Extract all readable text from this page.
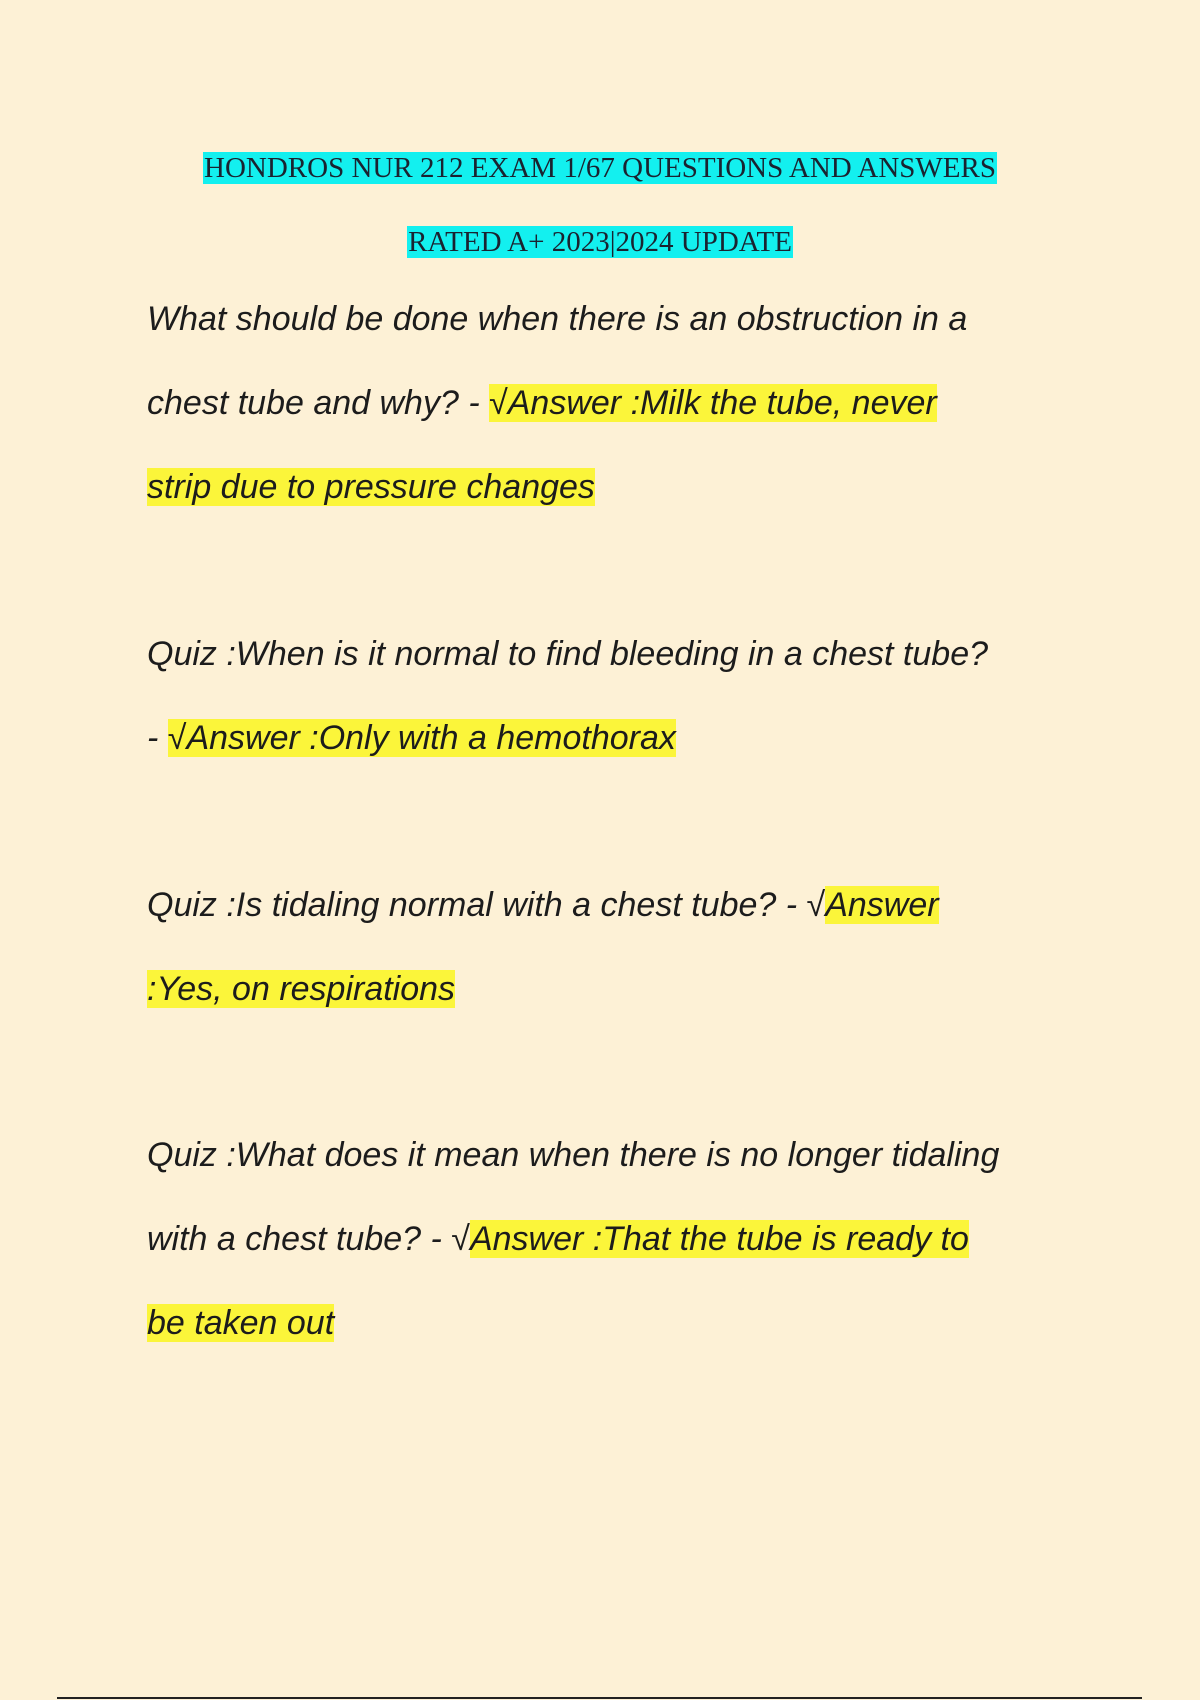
HONDROS NUR 212 EXAM 1/67 QUESTIONS AND ANSWERS
RATED A+ 2023|2024 UPDATE
What should be done when there is an obstruction in a
chest tube and why? - √Answer :Milk the tube, never
strip due to pressure changes
Quiz :When is it normal to find bleeding in a chest tube?
- √Answer :Only with a hemothorax
Quiz :Is tidaling normal with a chest tube? - √Answer
:Yes, on respirations
Quiz :What does it mean when there is no longer tidaling
with a chest tube? - √Answer :That the tube is ready to
be taken out
